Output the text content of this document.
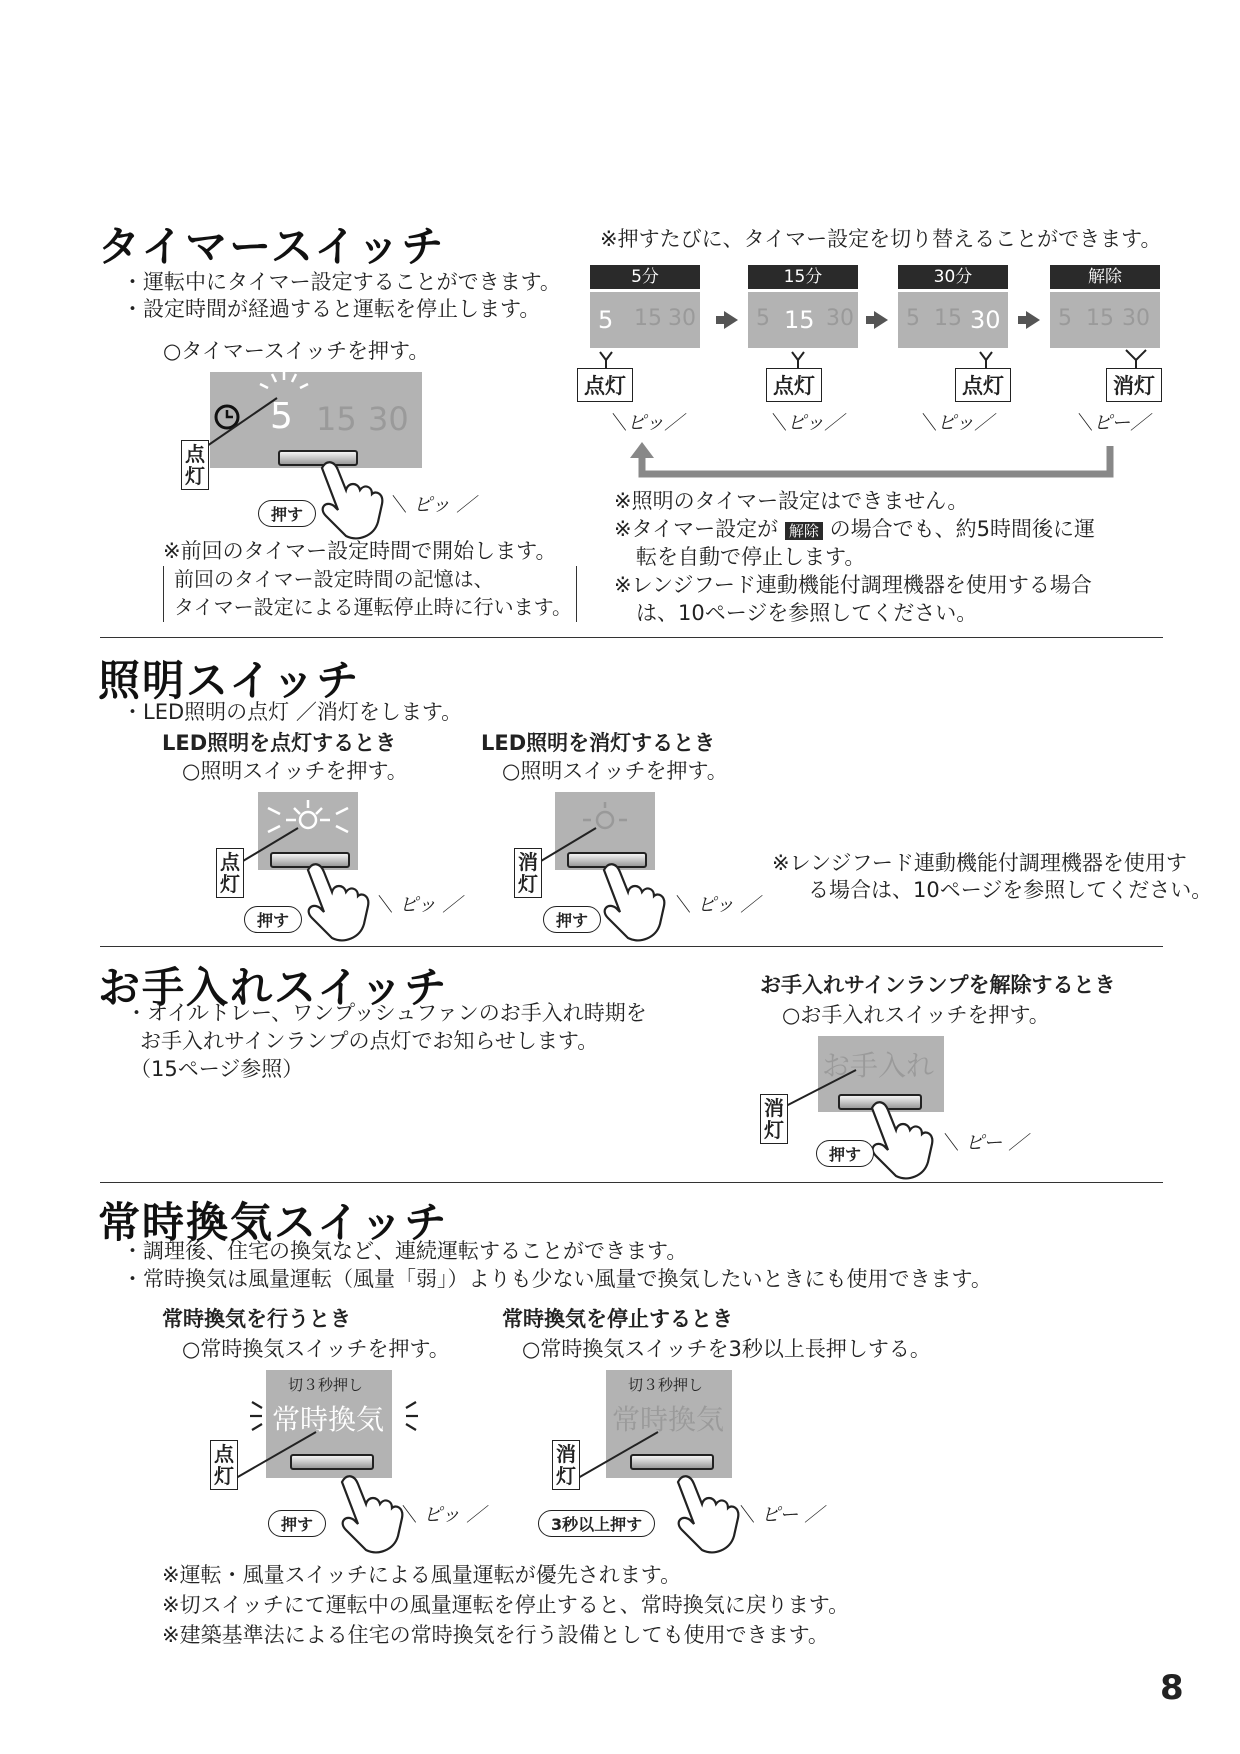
タイマースイッチ
・運転中にタイマー設定することができます。
・設定時間が経過すると運転を停止します。
○タイマースイッチを押す。
5 15 30
点灯
押す	＼ ピッ ／
※前回のタイマー設定時間で開始します。
前回のタイマー設定時間の記憶は、
タイマー設定による運転停止時に行います。
※押すたびに、タイマー設定を切り替えることができます。
5分	15分	30分	解除
5 15 30	5 15 30 5 15 30	5 15 30
点灯	点灯	点灯	消灯
＼ピッ／	＼ピッ／	＼ピッ／	＼ピー／
※照明のタイマー設定はできません。
※タイマー設定が 解除 の場合でも、約5時間後に運
転を自動で停止します。
※レンジフード連動機能付調理機器を使用する場合
は、10ページを参照してください。
照明スイッチ
・LED照明の点灯 ／消灯をします。
LED照明を点灯するとき	LED照明を消灯するとき
○照明スイッチを押す。	○照明スイッチを押す。
点灯
押す
＼ ピッ ／
消灯
押す
＼ ピッ ／
※レンジフード連動機能付調理機器を使用す
る場合は、10ページを参照してください。
お手入れスイッチ
・オイルトレー、ワンプッシュファンのお手入れ時期を
お手入れサインランプの点灯でお知らせします。
（15ページ参照）
お手入れサインランプを解除するとき
○お手入れスイッチを押す。
お手入れ
消灯
押す
＼ ピー ／
常時換気スイッチ
・調理後、住宅の換気など、連続運転することができます。
・常時換気は風量運転（風量「弱」）よりも少ない風量で換気したいときにも使用できます。
常時換気を行うとき	常時換気を停止するとき
○常時換気スイッチを押す。	○常時換気スイッチを3秒以上長押しする。
切３秒押し
常時換気
点灯
押す	＼ ピッ ／
切３秒押し
常時換気
消灯
3秒以上押す	＼ ピー ／
※運転・風量スイッチによる風量運転が優先されます。
※切スイッチにて運転中の風量運転を停止すると、常時換気に戻ります。
※建築基準法による住宅の常時換気を行う設備としても使用できます。
8
